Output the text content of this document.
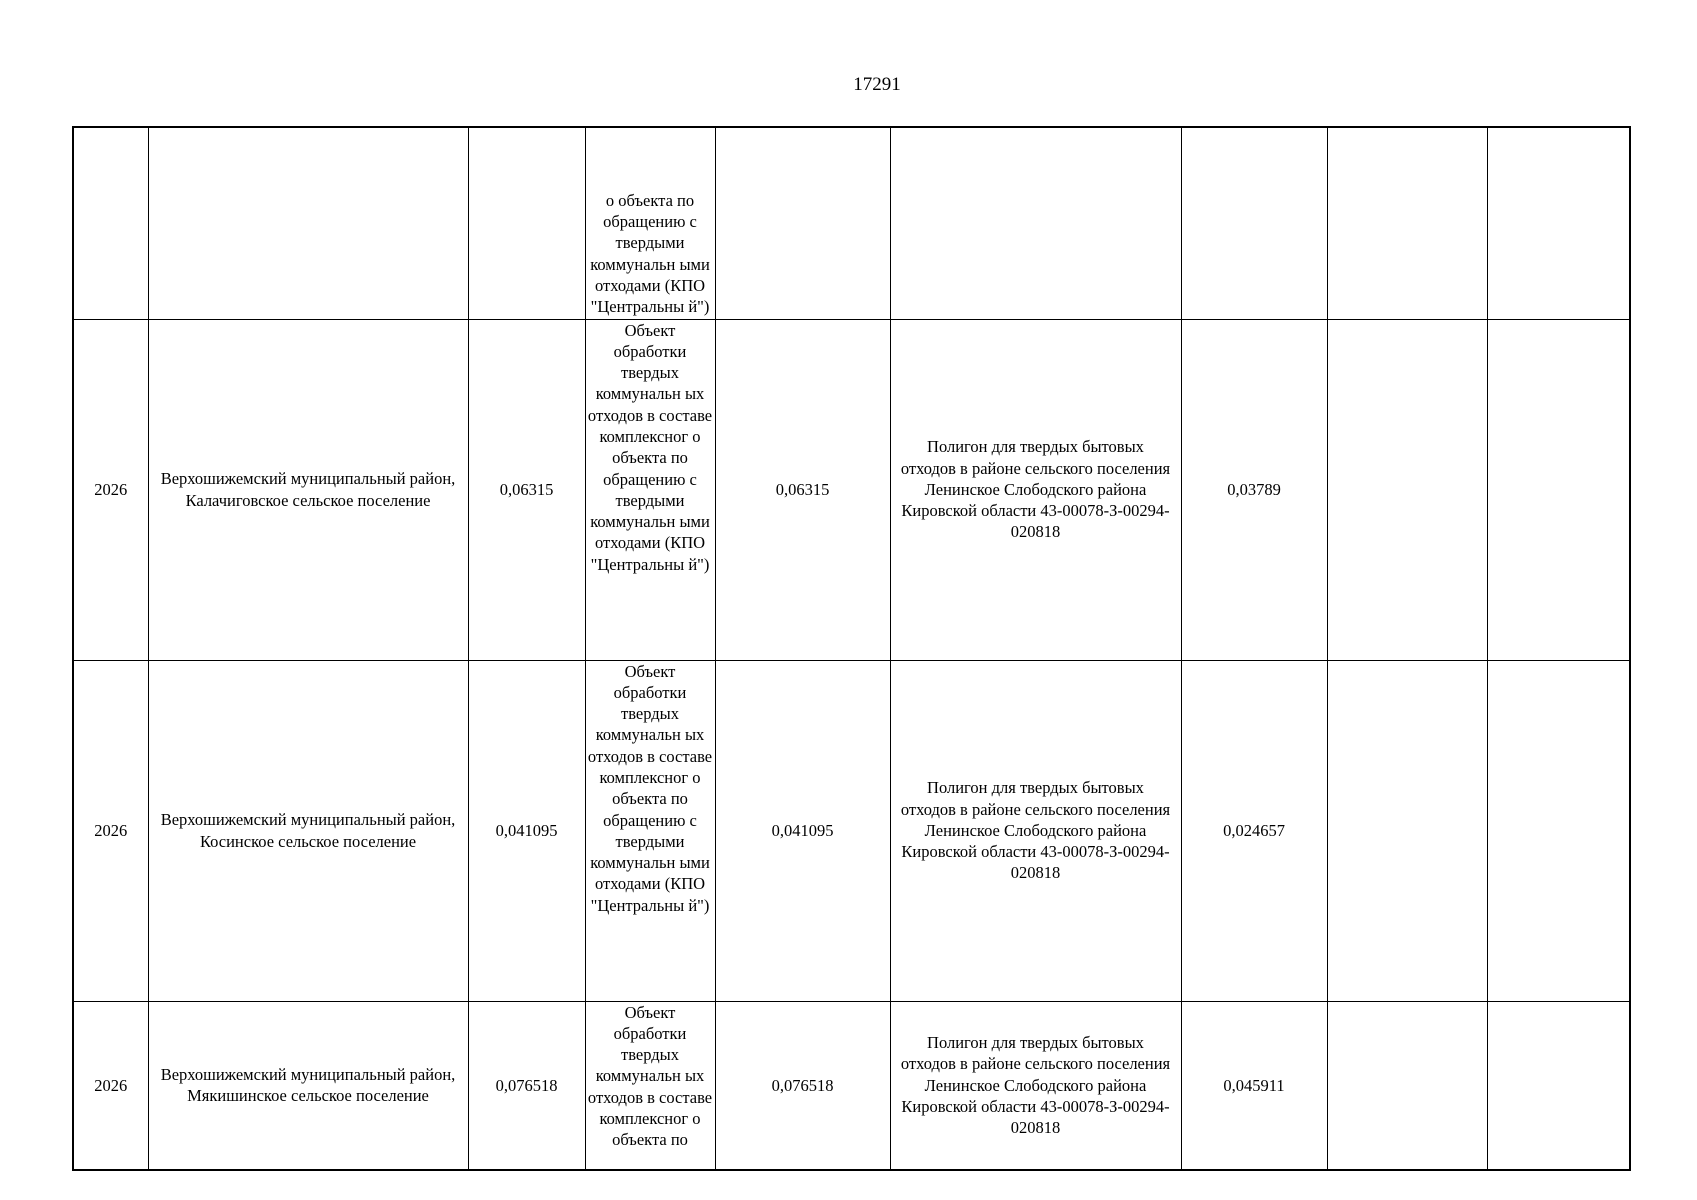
17291

			о объекта по обращению с твердыми коммунальн ыми отходами (КПО "Центральны й")					

2026	Верхошижемский муниципальный район, Калачиговское сельское поселение	0,06315	Объект обработки твердых коммунальн ых отходов в составе комплексног о объекта по обращению с твердыми коммунальн ыми отходами (КПО "Центральны й")	0,06315	Полигон для твердых бытовых отходов в районе сельского поселения Ленинское Слободского района Кировской области 43-00078-З-00294-020818	0,03789		
2026	Верхошижемский муниципальный район, Косинское сельское поселение	0,041095	Объект обработки твердых коммунальн ых отходов в составе комплексног о объекта по обращению с твердыми коммунальн ыми отходами (КПО "Центральны й")	0,041095	Полигон для твердых бытовых отходов в районе сельского поселения Ленинское Слободского района Кировской области 43-00078-З-00294-020818	0,024657		
2026	Верхошижемский муниципальный район, Мякишинское сельское поселение	0,076518	Объект обработки твердых коммунальн ых отходов в составе комплексног о объекта по	0,076518	Полигон для твердых бытовых отходов в районе сельского поселения Ленинское Слободского района Кировской области 43-00078-З-00294-020818	0,045911		
